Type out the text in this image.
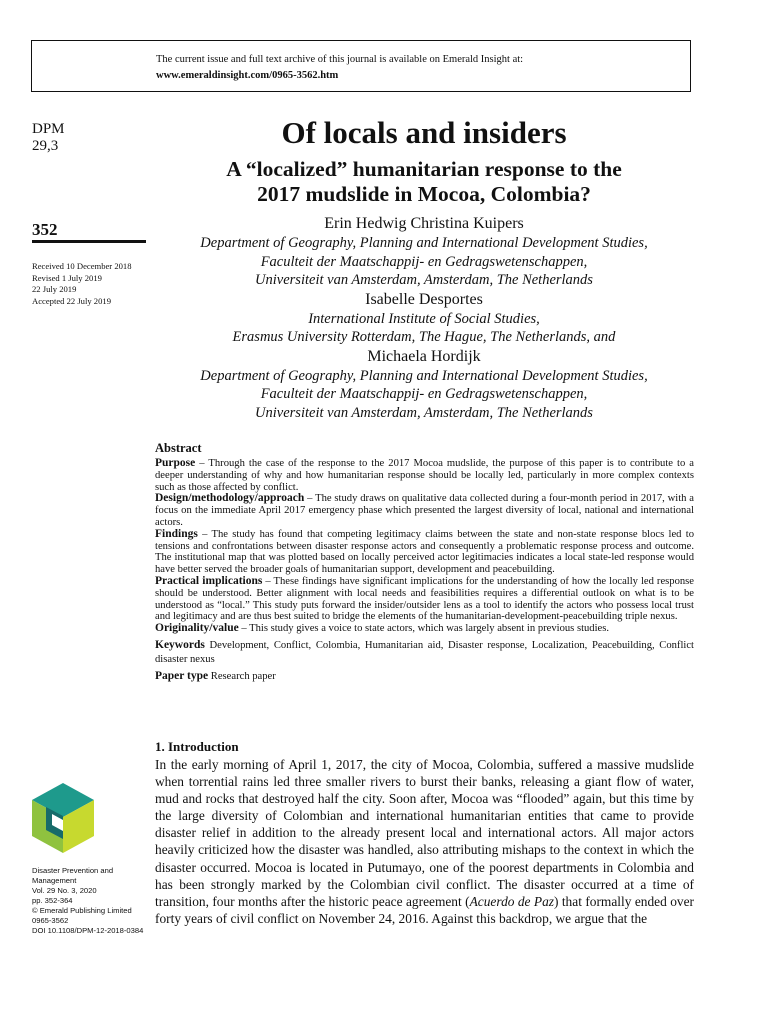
The current issue and full text archive of this journal is available on Emerald Insight at:
www.emeraldinsight.com/0965-3562.htm
DPM
29,3
352
Received 10 December 2018
Revised 1 July 2019
22 July 2019
Accepted 22 July 2019
Of locals and insiders
A “localized” humanitarian response to the
2017 mudslide in Mocoa, Colombia?
Erin Hedwig Christina Kuipers
Department of Geography, Planning and International Development Studies,
Faculteit der Maatschappij- en Gedragswetenschappen,
Universiteit van Amsterdam, Amsterdam, The Netherlands
Isabelle Desportes
International Institute of Social Studies,
Erasmus University Rotterdam, The Hague, The Netherlands, and
Michaela Hordijk
Department of Geography, Planning and International Development Studies,
Faculteit der Maatschappij- en Gedragswetenschappen,
Universiteit van Amsterdam, Amsterdam, The Netherlands
Abstract

Purpose – Through the case of the response to the 2017 Mocoa mudslide, the purpose of this paper is to contribute to a deeper understanding of why and how humanitarian response should be locally led, particularly in more complex contexts such as those affected by conflict.

Design/methodology/approach – The study draws on qualitative data collected during a four-month period in 2017, with a focus on the immediate April 2017 emergency phase which presented the largest diversity of local, national and international actors.

Findings – The study has found that competing legitimacy claims between the state and non-state response blocs led to tensions and confrontations between disaster response actors and consequently a problematic response process and outcome. The institutional map that was plotted based on locally perceived actor legitimacies indicates a local state-led response would have better served the broader goals of humanitarian support, development and peacebuilding.

Practical implications – These findings have significant implications for the understanding of how the locally led response should be understood. Better alignment with local needs and feasibilities requires a differential outlook on what is to be understood as “local.” This study puts forward the insider/outsider lens as a tool to identify the actors who possess local trust and legitimacy and are thus best suited to bridge the elements of the humanitarian-development-peacebuilding triple nexus.

Originality/value – This study gives a voice to state actors, which was largely absent in previous studies.

Keywords Development, Conflict, Colombia, Humanitarian aid, Disaster response, Localization, Peacebuilding, Conflict disaster nexus

Paper type Research paper

1. Introduction

In the early morning of April 1, 2017, the city of Mocoa, Colombia, suffered a massive mudslide when torrential rains led three smaller rivers to burst their banks, releasing a giant flow of water, mud and rocks that destroyed half the city. Soon after, Mocoa was “flooded” again, but this time by the large diversity of Colombian and international humanitarian entities that came to provide disaster relief in addition to the already present local and international actors. All major actors heavily criticized how the disaster was handled, also attributing mishaps to the context in which the disaster occurred. Mocoa is located in Putumayo, one of the poorest departments in Colombia and has been strongly marked by the Colombian civil conflict. The disaster occurred at a time of transition, four months after the historic peace agreement (Acuerdo de Paz) that formally ended over forty years of civil conflict on November 24, 2016. Against this backdrop, we argue that the

Disaster Prevention and Management
Vol. 29 No. 3, 2020
pp. 352-364
© Emerald Publishing Limited
0965-3562
DOI 10.1108/DPM-12-2018-0384
